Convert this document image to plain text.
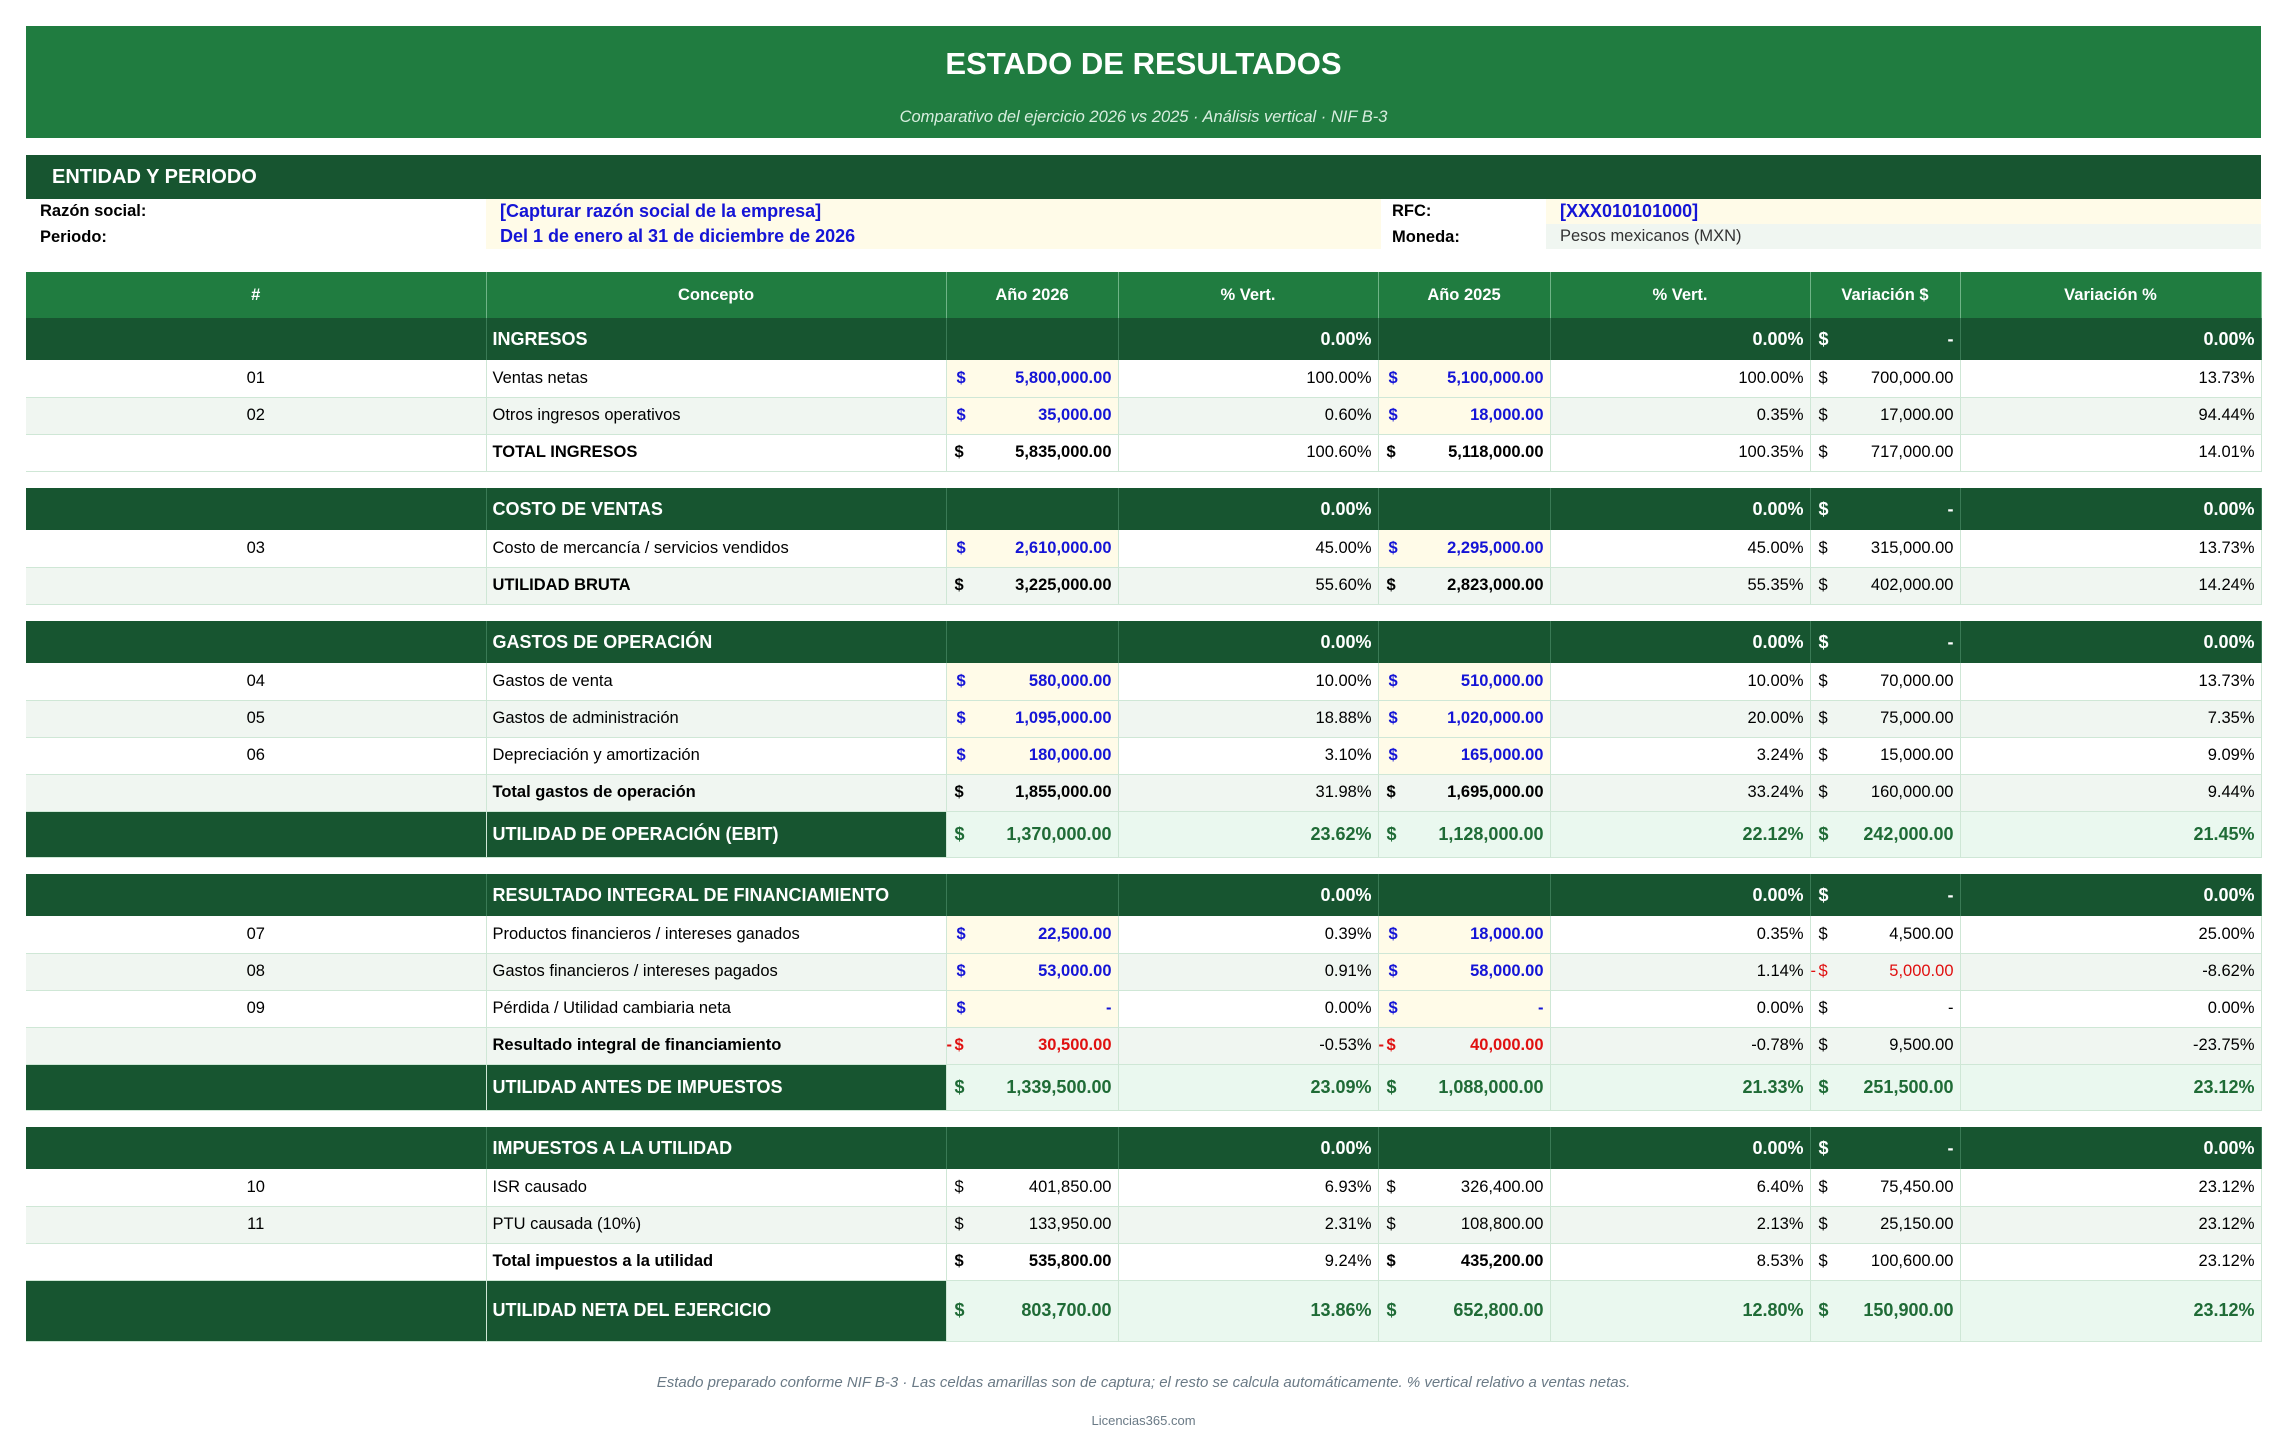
ESTADO DE RESULTADOS
Comparativo del ejercicio 2026 vs 2025 · Análisis vertical · NIF B-3
ENTIDAD Y PERIODO
Razón social:	[Capturar razón social de la empresa]
Periodo:	Del 1 de enero al 31 de diciembre de 2026
RFC:	[XXX010101000]
Moneda:	Pesos mexicanos (MXN)
#	Concepto	Año 2026	% Vert.	Año 2025	% Vert.	Variación $	Variación %
	INGRESOS		0.00%		0.00%	$ -	0.00%
01	Ventas netas	$ 5,800,000.00	100.00%	$ 5,100,000.00	100.00%	$ 700,000.00	13.73%
02	Otros ingresos operativos	$ 35,000.00	0.60%	$ 18,000.00	0.35%	$ 17,000.00	94.44%
	TOTAL INGRESOS	$ 5,835,000.00	100.60%	$ 5,118,000.00	100.35%	$ 717,000.00	14.01%

	COSTO DE VENTAS		0.00%		0.00%	$ -	0.00%
03	Costo de mercancía / servicios vendidos	$ 2,610,000.00	45.00%	$ 2,295,000.00	45.00%	$ 315,000.00	13.73%
	UTILIDAD BRUTA	$ 3,225,000.00	55.60%	$ 2,823,000.00	55.35%	$ 402,000.00	14.24%

	GASTOS DE OPERACIÓN		0.00%		0.00%	$ -	0.00%
04	Gastos de venta	$ 580,000.00	10.00%	$ 510,000.00	10.00%	$ 70,000.00	13.73%
05	Gastos de administración	$ 1,095,000.00	18.88%	$ 1,020,000.00	20.00%	$ 75,000.00	7.35%
06	Depreciación y amortización	$ 180,000.00	3.10%	$ 165,000.00	3.24%	$ 15,000.00	9.09%
	Total gastos de operación	$ 1,855,000.00	31.98%	$ 1,695,000.00	33.24%	$ 160,000.00	9.44%
	UTILIDAD DE OPERACIÓN (EBIT)	$ 1,370,000.00	23.62%	$ 1,128,000.00	22.12%	$ 242,000.00	21.45%

	RESULTADO INTEGRAL DE FINANCIAMIENTO		0.00%		0.00%	$ -	0.00%
07	Productos financieros / intereses ganados	$ 22,500.00	0.39%	$ 18,000.00	0.35%	$ 4,500.00	25.00%
08	Gastos financieros / intereses pagados	$ 53,000.00	0.91%	$ 58,000.00	1.14%	- $ 5,000.00	-8.62%
09	Pérdida / Utilidad cambiaria neta	$ -	0.00%	$ -	0.00%	$ -	0.00%
	Resultado integral de financiamiento	- $ 30,500.00	-0.53%	- $ 40,000.00	-0.78%	$ 9,500.00	-23.75%
	UTILIDAD ANTES DE IMPUESTOS	$ 1,339,500.00	23.09%	$ 1,088,000.00	21.33%	$ 251,500.00	23.12%

	IMPUESTOS A LA UTILIDAD		0.00%		0.00%	$ -	0.00%
10	ISR causado	$ 401,850.00	6.93%	$ 326,400.00	6.40%	$ 75,450.00	23.12%
11	PTU causada (10%)	$ 133,950.00	2.31%	$ 108,800.00	2.13%	$ 25,150.00	23.12%
	Total impuestos a la utilidad	$ 535,800.00	9.24%	$ 435,200.00	8.53%	$ 100,600.00	23.12%
	UTILIDAD NETA DEL EJERCICIO	$ 803,700.00	13.86%	$ 652,800.00	12.80%	$ 150,900.00	23.12%
Estado preparado conforme NIF B-3 · Las celdas amarillas son de captura; el resto se calcula automáticamente. % vertical relativo a ventas netas.
Licencias365.com
